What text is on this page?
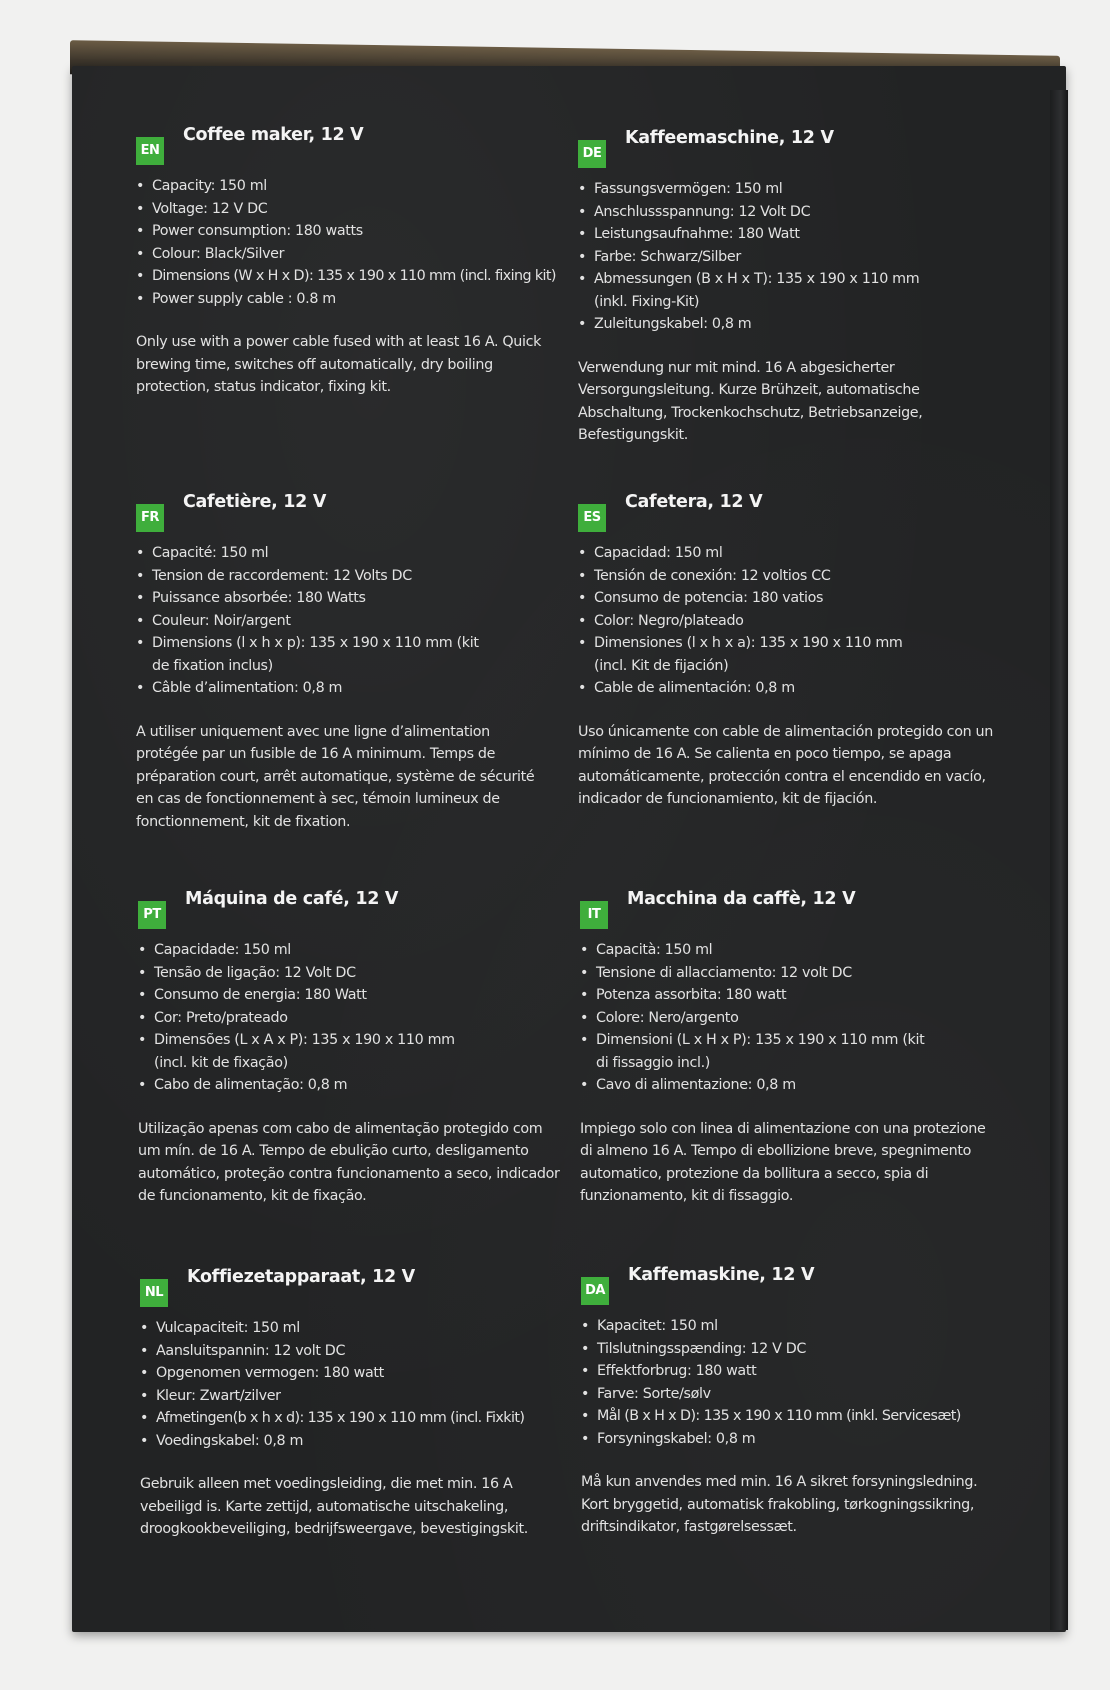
EN
Coffee maker, 12 V
• Capacity: 150 ml
• Voltage: 12 V DC
• Power consumption: 180 watts
• Colour: Black/Silver
• Dimensions (W x H x D): 135 x 190 x 110 mm (incl. fixing kit)
• Power supply cable : 0.8 m

Only use with a power cable fused with at least 16 A. Quick brewing time, switches off automatically, dry boiling protection, status indicator, fixing kit.

DE
Kaffeemaschine, 12 V
• Fassungsvermögen: 150 ml
• Anschlussspannung: 12 Volt DC
• Leistungsaufnahme: 180 Watt
• Farbe: Schwarz/Silber
• Abmessungen (B x H x T): 135 x 190 x 110 mm (inkl. Fixing-Kit)
• Zuleitungskabel: 0,8 m

Verwendung nur mit mind. 16 A abgesicherter Versorgungsleitung. Kurze Brühzeit, automatische Abschaltung, Trockenkochschutz, Betriebsanzeige, Befestigungskit.

FR
Cafetière, 12 V
• Capacité: 150 ml
• Tension de raccordement: 12 Volts DC
• Puissance absorbée: 180 Watts
• Couleur: Noir/argent
• Dimensions (l x h x p): 135 x 190 x 110 mm (kit de fixation inclus)
• Câble d’alimentation: 0,8 m

A utiliser uniquement avec une ligne d’alimentation protégée par un fusible de 16 A minimum. Temps de préparation court, arrêt automatique, système de sécurité en cas de fonctionnement à sec, témoin lumineux de fonctionnement, kit de fixation.

ES
Cafetera, 12 V
• Capacidad: 150 ml
• Tensión de conexión: 12 voltios CC
• Consumo de potencia: 180 vatios
• Color: Negro/plateado
• Dimensiones (l x h x a): 135 x 190 x 110 mm (incl. Kit de fijación)
• Cable de alimentación: 0,8 m

Uso únicamente con cable de alimentación protegido con un mínimo de 16 A. Se calienta en poco tiempo, se apaga automáticamente, protección contra el encendido en vacío, indicador de funcionamiento, kit de fijación.

PT
Máquina de café, 12 V
• Capacidade: 150 ml
• Tensão de ligação: 12 Volt DC
• Consumo de energia: 180 Watt
• Cor: Preto/prateado
• Dimensões (L x A x P): 135 x 190 x 110 mm (incl. kit de fixação)
• Cabo de alimentação: 0,8 m

Utilização apenas com cabo de alimentação protegido com um mín. de 16 A. Tempo de ebulição curto, desligamento automático, proteção contra funcionamento a seco, indicador de funcionamento, kit de fixação.

IT
Macchina da caffè, 12 V
• Capacità: 150 ml
• Tensione di allacciamento: 12 volt DC
• Potenza assorbita: 180 watt
• Colore: Nero/argento
• Dimensioni (L x H x P): 135 x 190 x 110 mm (kit di fissaggio incl.)
• Cavo di alimentazione: 0,8 m

Impiego solo con linea di alimentazione con una protezione di almeno 16 A. Tempo di ebollizione breve, spegnimento automatico, protezione da bollitura a secco, spia di funzionamento, kit di fissaggio.

NL
Koffiezetapparaat, 12 V
• Vulcapaciteit: 150 ml
• Aansluitspannin: 12 volt DC
• Opgenomen vermogen: 180 watt
• Kleur: Zwart/zilver
• Afmetingen(b x h x d): 135 x 190 x 110 mm (incl. Fixkit)
• Voedingskabel: 0,8 m

Gebruik alleen met voedingsleiding, die met min. 16 A vebeiligd is. Karte zettijd, automatische uitschakeling, droogkookbeveiliging, bedrijfsweergave, bevestigingskit.

DA
Kaffemaskine, 12 V
• Kapacitet: 150 ml
• Tilslutningsspænding: 12 V DC
• Effektforbrug: 180 watt
• Farve: Sorte/sølv
• Mål (B x H x D): 135 x 190 x 110 mm (inkl. Servicesæt)
• Forsyningskabel: 0,8 m

Må kun anvendes med min. 16 A sikret forsyningsledning. Kort bryggetid, automatisk frakobling, tørkogningssikring, driftsindikator, fastgørelsessæt.
